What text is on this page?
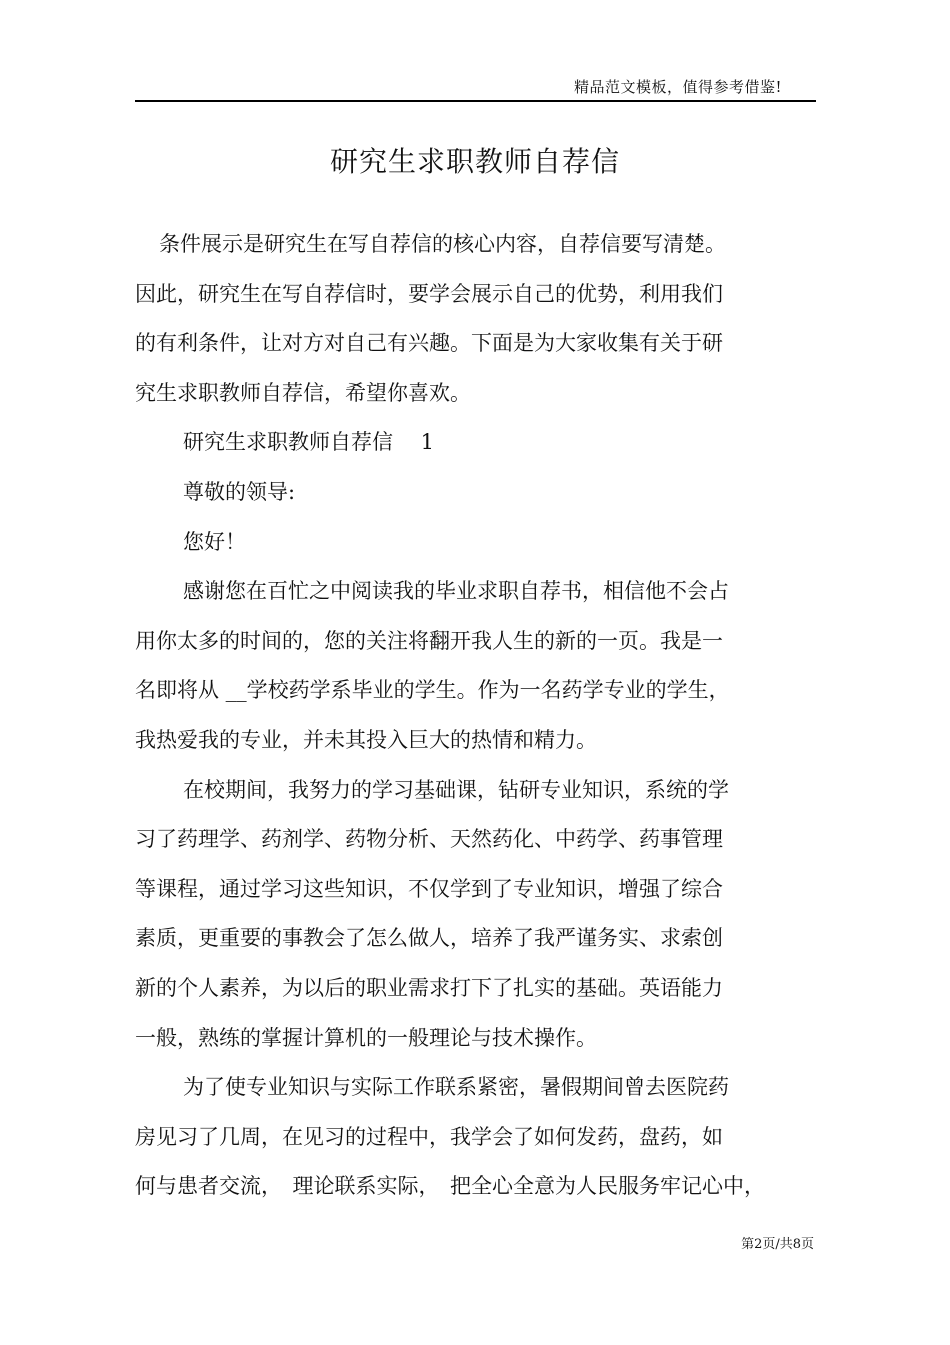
精品范文模板，值得参考借鉴!
研究生求职教师自荐信
条件展示是研究生在写自荐信的核心内容，自荐信要写清楚。
因此，研究生在写自荐信时，要学会展示自己的优势，利用我们
的有利条件，让对方对自己有兴趣。下面是为大家收集有关于研
究生求职教师自荐信，希望你喜欢。
研究生求职教师自荐信　 1
尊敬的领导:
您好！
感谢您在百忙之中阅读我的毕业求职自荐书，相信他不会占
用你太多的时间的，您的关注将翻开我人生的新的一页。我是一
名即将从 __学校药学系毕业的学生。作为一名药学专业的学生，
我热爱我的专业，并未其投入巨大的热情和精力。
在校期间，我努力的学习基础课，钻研专业知识，系统的学
习了药理学、药剂学、药物分析、天然药化、中药学、药事管理
等课程，通过学习这些知识，不仅学到了专业知识，增强了综合
素质，更重要的事教会了怎么做人，培养了我严谨务实、求索创
新的个人素养，为以后的职业需求打下了扎实的基础。英语能力
一般，熟练的掌握计算机的一般理论与技术操作。
为了使专业知识与实际工作联系紧密，暑假期间曾去医院药
房见习了几周，在见习的过程中，我学会了如何发药，盘药，如
何与患者交流，　理论联系实际，　把全心全意为人民服务牢记心中，
第2页/共8页
